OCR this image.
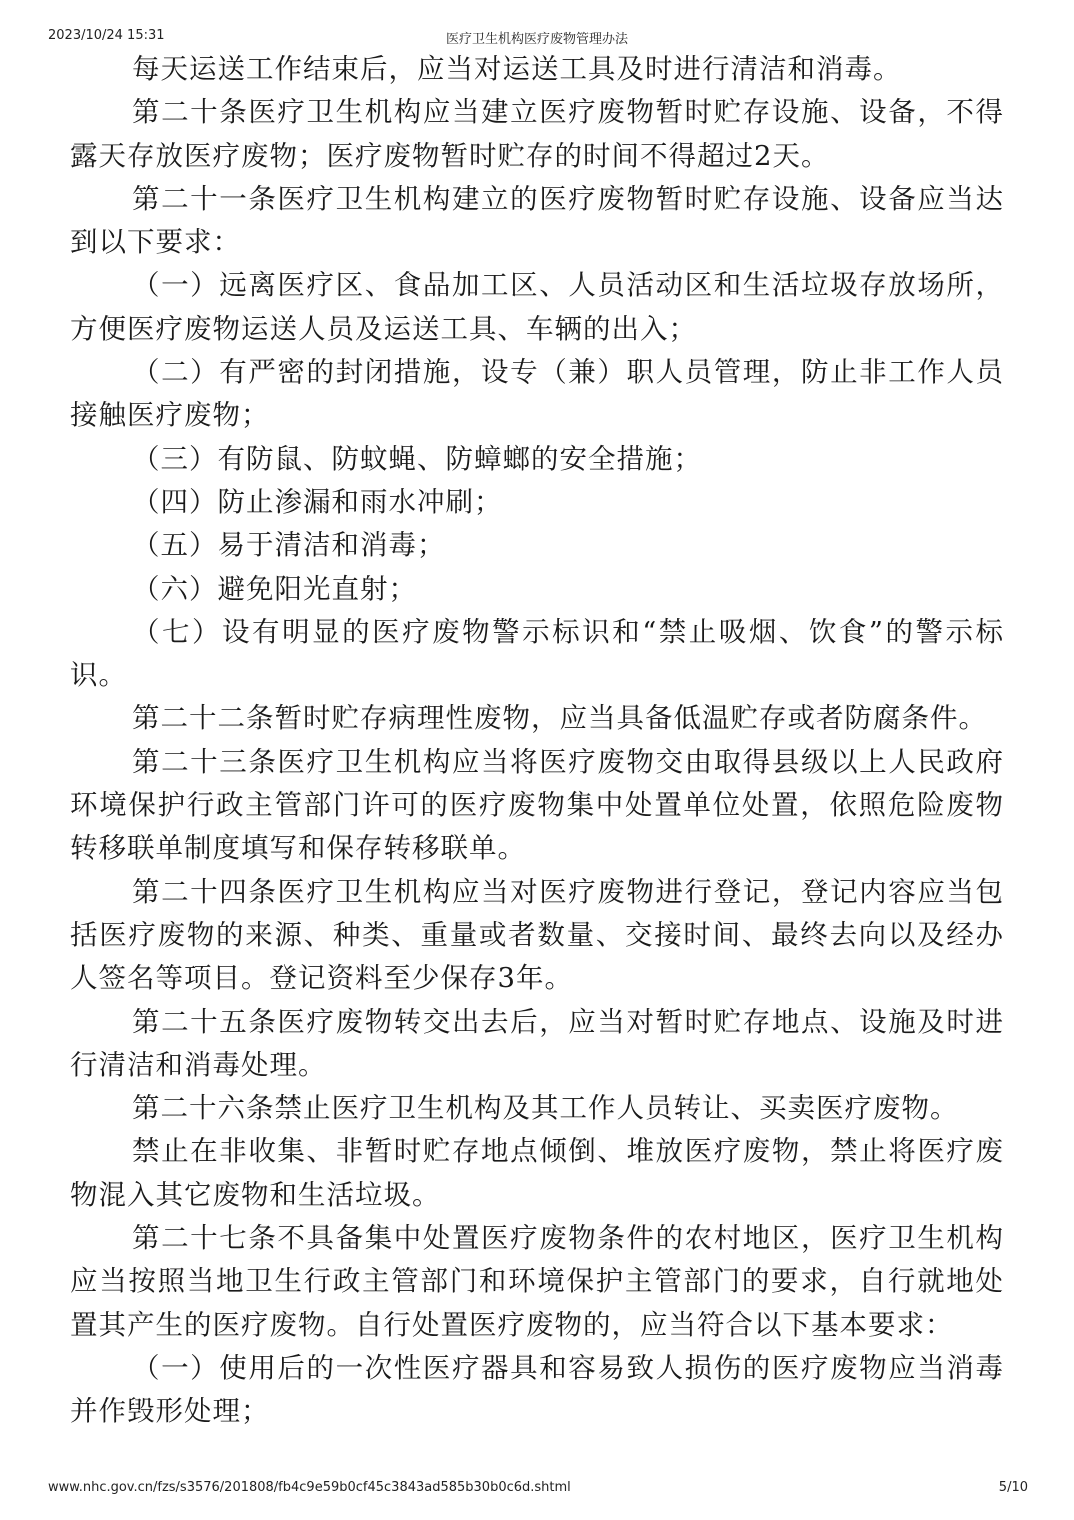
2023/10/24 15:31	医疗卫生机构医疗废物管理办法

每天运送工作结束后，应当对运送工具及时进行清洁和消毒。

第二十条医疗卫生机构应当建立医疗废物暂时贮存设施、设备，不得露天存放医疗废物；医疗废物暂时贮存的时间不得超过2天。

第二十一条医疗卫生机构建立的医疗废物暂时贮存设施、设备应当达到以下要求：

（一）远离医疗区、食品加工区、人员活动区和生活垃圾存放场所，方便医疗废物运送人员及运送工具、车辆的出入；

（二）有严密的封闭措施，设专（兼）职人员管理，防止非工作人员接触医疗废物；

（三）有防鼠、防蚊蝇、防蟑螂的安全措施；

（四）防止渗漏和雨水冲刷；

（五）易于清洁和消毒；

（六）避免阳光直射；

（七）设有明显的医疗废物警示标识和“禁止吸烟、饮食”的警示标识。

第二十二条暂时贮存病理性废物，应当具备低温贮存或者防腐条件。

第二十三条医疗卫生机构应当将医疗废物交由取得县级以上人民政府环境保护行政主管部门许可的医疗废物集中处置单位处置，依照危险废物转移联单制度填写和保存转移联单。

第二十四条医疗卫生机构应当对医疗废物进行登记，登记内容应当包括医疗废物的来源、种类、重量或者数量、交接时间、最终去向以及经办人签名等项目。登记资料至少保存3年。

第二十五条医疗废物转交出去后，应当对暂时贮存地点、设施及时进行清洁和消毒处理。

第二十六条禁止医疗卫生机构及其工作人员转让、买卖医疗废物。

禁止在非收集、非暂时贮存地点倾倒、堆放医疗废物，禁止将医疗废物混入其它废物和生活垃圾。

第二十七条不具备集中处置医疗废物条件的农村地区，医疗卫生机构应当按照当地卫生行政主管部门和环境保护主管部门的要求，自行就地处置其产生的医疗废物。自行处置医疗废物的，应当符合以下基本要求：

（一）使用后的一次性医疗器具和容易致人损伤的医疗废物应当消毒并作毁形处理；

www.nhc.gov.cn/fzs/s3576/201808/fb4c9e59b0cf45c3843ad585b30b0c6d.shtml	5/10
